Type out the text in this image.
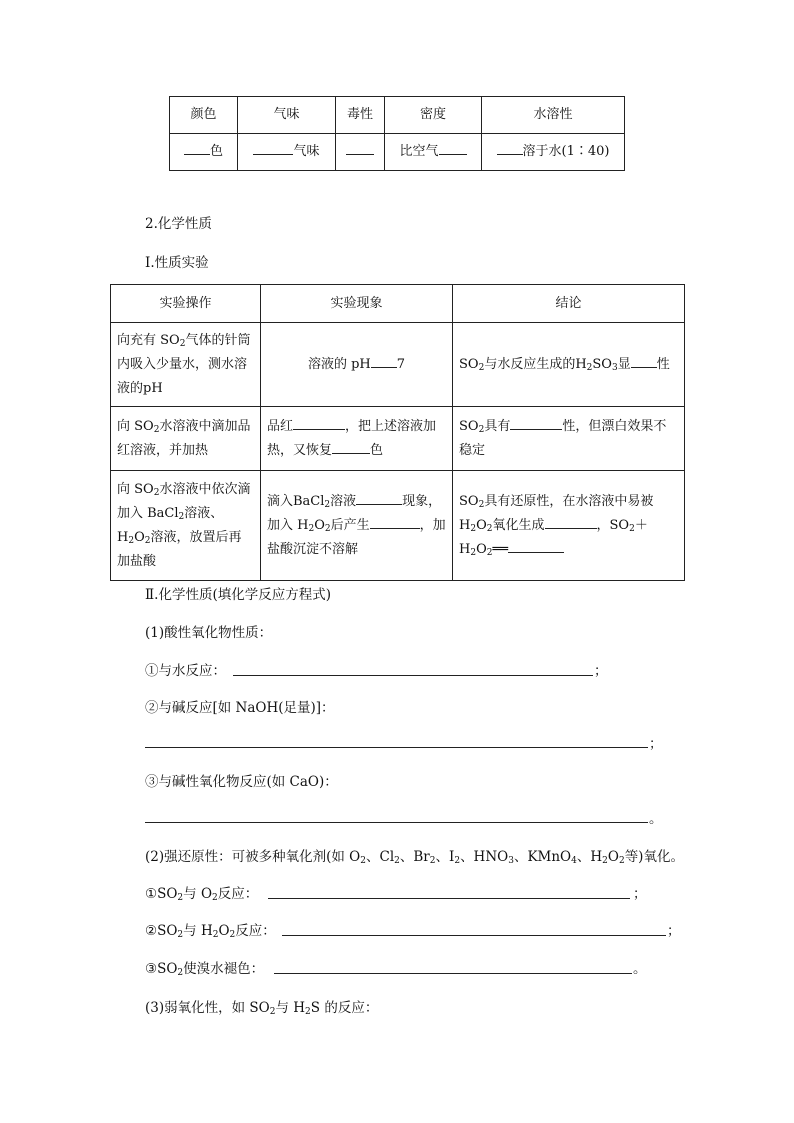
颜色	气味	毒性	密度	水溶性
色	气味		比空气	溶于水(1∶40)
2.化学性质
Ⅰ.性质实验
实验操作	实验现象	结论
向充有 $SO_2$气体的针筒内吸入少量水，测水溶液的pH	溶液的 pH 7	$SO_2$与水反应生成的$H_2SO_3$显 性
向 $SO_2$水溶液中滴加品红溶液，并加热	品红 ，把上述溶液加热，又恢复 色	$SO_2$具有 性，但漂白效果不稳定
向 $SO_2$水溶液中依次滴加入 BaCl$_2$溶液、$H_2O_2$溶液，放置后再加盐酸	滴入BaCl$_2$溶液 现象，加入 $H_2O_2$后产生 ，加盐酸沉淀不溶解	$SO_2$具有还原性，在水溶液中易被 $H_2O_2$氧化生成 ，$SO_2+$ $H_2O_2══$
Ⅱ.化学性质(填化学反应方程式)
(1)酸性氧化物性质：
①与水反应：	；
②与碱反应[如 NaOH(足量)]：
；
③与碱性氧化物反应(如 CaO)：
。
(2)强还原性：可被多种氧化剂(如 $O_2$、$Cl_2$、$Br_2$、$I_2$、$HNO_3$、KMnO$_4$、$H_2O_2$等)氧化。
$①SO_2$与 $O_2$反应：	；
$②SO_2$与 $H_2O_2$反应：	；
$③SO_2$使溴水褪色：	。
(3)弱氧化性，如 $SO_2$与 $H_2S$ 的反应：
